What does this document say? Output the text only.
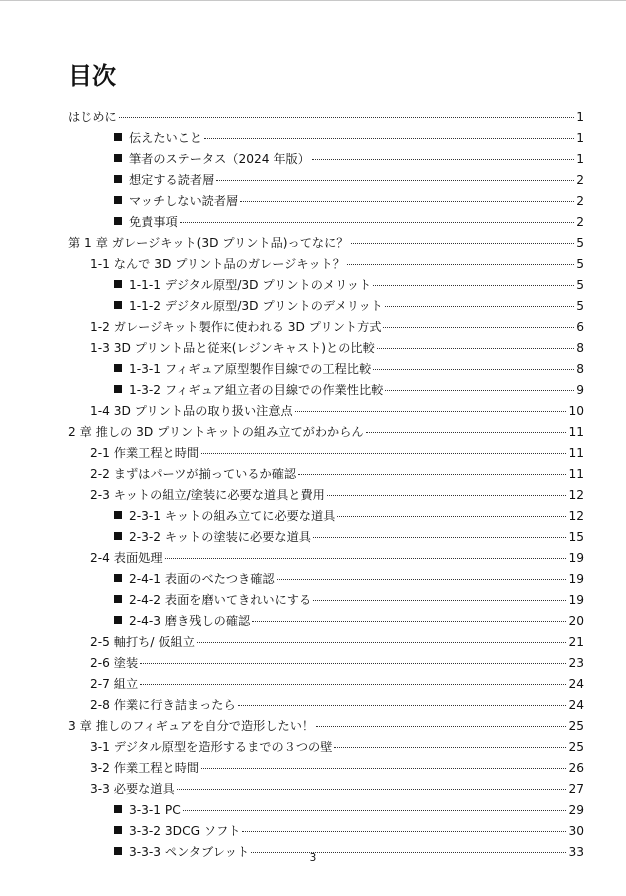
目次
はじめに	1
伝えたいこと	1
筆者のステータス（2024 年版）	1
想定する読者層	2
マッチしない読者層	2
免責事項	2
第 1 章 ガレージキット(3D プリント品)ってなに？	5
1-1 なんで 3D プリント品のガレージキット？	5
1-1-1 デジタル原型/3D プリントのメリット	5
1-1-2 デジタル原型/3D プリントのデメリット	5
1-2 ガレージキット製作に使われる 3D プリント方式	6
1-3 3D プリント品と従来(レジンキャスト)との比較	8
1-3-1 フィギュア原型製作目線での工程比較	8
1-3-2 フィギュア組立者の目線での作業性比較	9
1-4 3D プリント品の取り扱い注意点	10
2 章 推しの 3D プリントキットの組み立てがわからん	11
2-1 作業工程と時間	11
2-2 まずはパーツが揃っているか確認	11
2-3 キットの組立/塗装に必要な道具と費用	12
2-3-1 キットの組み立てに必要な道具	12
2-3-2 キットの塗装に必要な道具	15
2-4 表面処理	19
2-4-1 表面のべたつき確認	19
2-4-2 表面を磨いてきれいにする	19
2-4-3 磨き残しの確認	20
2-5 軸打ち/ 仮組立	21
2-6 塗装	23
2-7 組立	24
2-8 作業に行き詰まったら	24
3 章 推しのフィギュアを自分で造形したい！	25
3-1 デジタル原型を造形するまでの３つの壁	25
3-2 作業工程と時間	26
3-3 必要な道具	27
3-3-1 PC	29
3-3-2 3DCG ソフト	30
3-3-3 ペンタブレット	33
3
